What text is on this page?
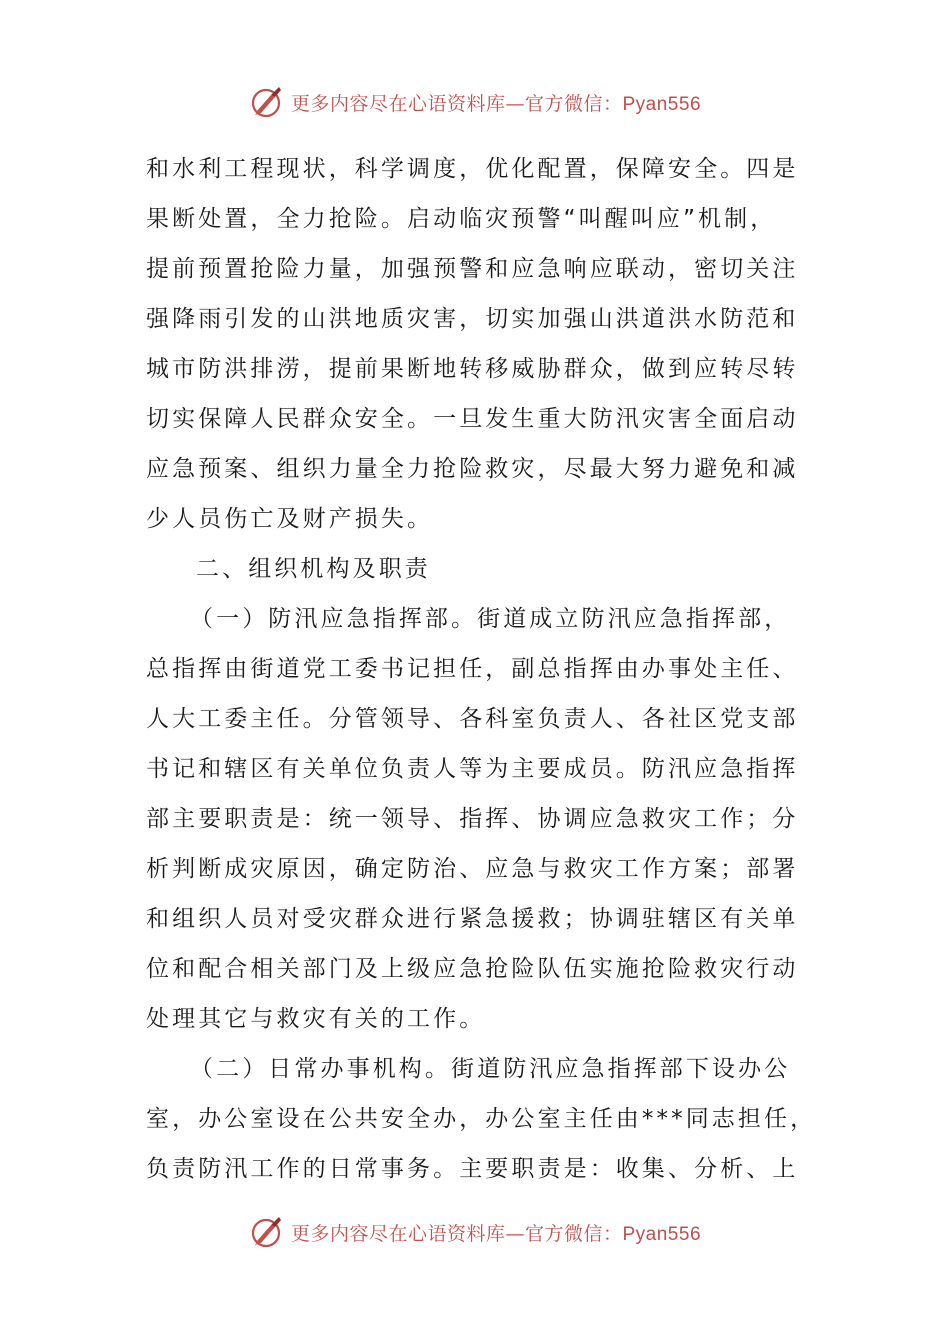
更多内容尽在心语资料库—官方微信：Pyan556
和水利工程现状，科学调度，优化配置，保障安全。四是
果断处置，全力抢险。启动临灾预警“叫醒叫应”机制，
提前预置抢险力量，加强预警和应急响应联动，密切关注
强降雨引发的山洪地质灾害，切实加强山洪道洪水防范和
城市防洪排涝，提前果断地转移威胁群众，做到应转尽转
切实保障人民群众安全。一旦发生重大防汛灾害全面启动
应急预案、组织力量全力抢险救灾，尽最大努力避免和减
少人员伤亡及财产损失。
二、组织机构及职责
（一）防汛应急指挥部。街道成立防汛应急指挥部，
总指挥由街道党工委书记担任，副总指挥由办事处主任、
人大工委主任。分管领导、各科室负责人、各社区党支部
书记和辖区有关单位负责人等为主要成员。防汛应急指挥
部主要职责是：统一领导、指挥、协调应急救灾工作；分
析判断成灾原因，确定防治、应急与救灾工作方案；部署
和组织人员对受灾群众进行紧急援救；协调驻辖区有关单
位和配合相关部门及上级应急抢险队伍实施抢险救灾行动
处理其它与救灾有关的工作。
（二）日常办事机构。街道防汛应急指挥部下设办公
室，办公室设在公共安全办，办公室主任由***同志担任，
负责防汛工作的日常事务。主要职责是：收集、分析、上
更多内容尽在心语资料库—官方微信：Pyan556
